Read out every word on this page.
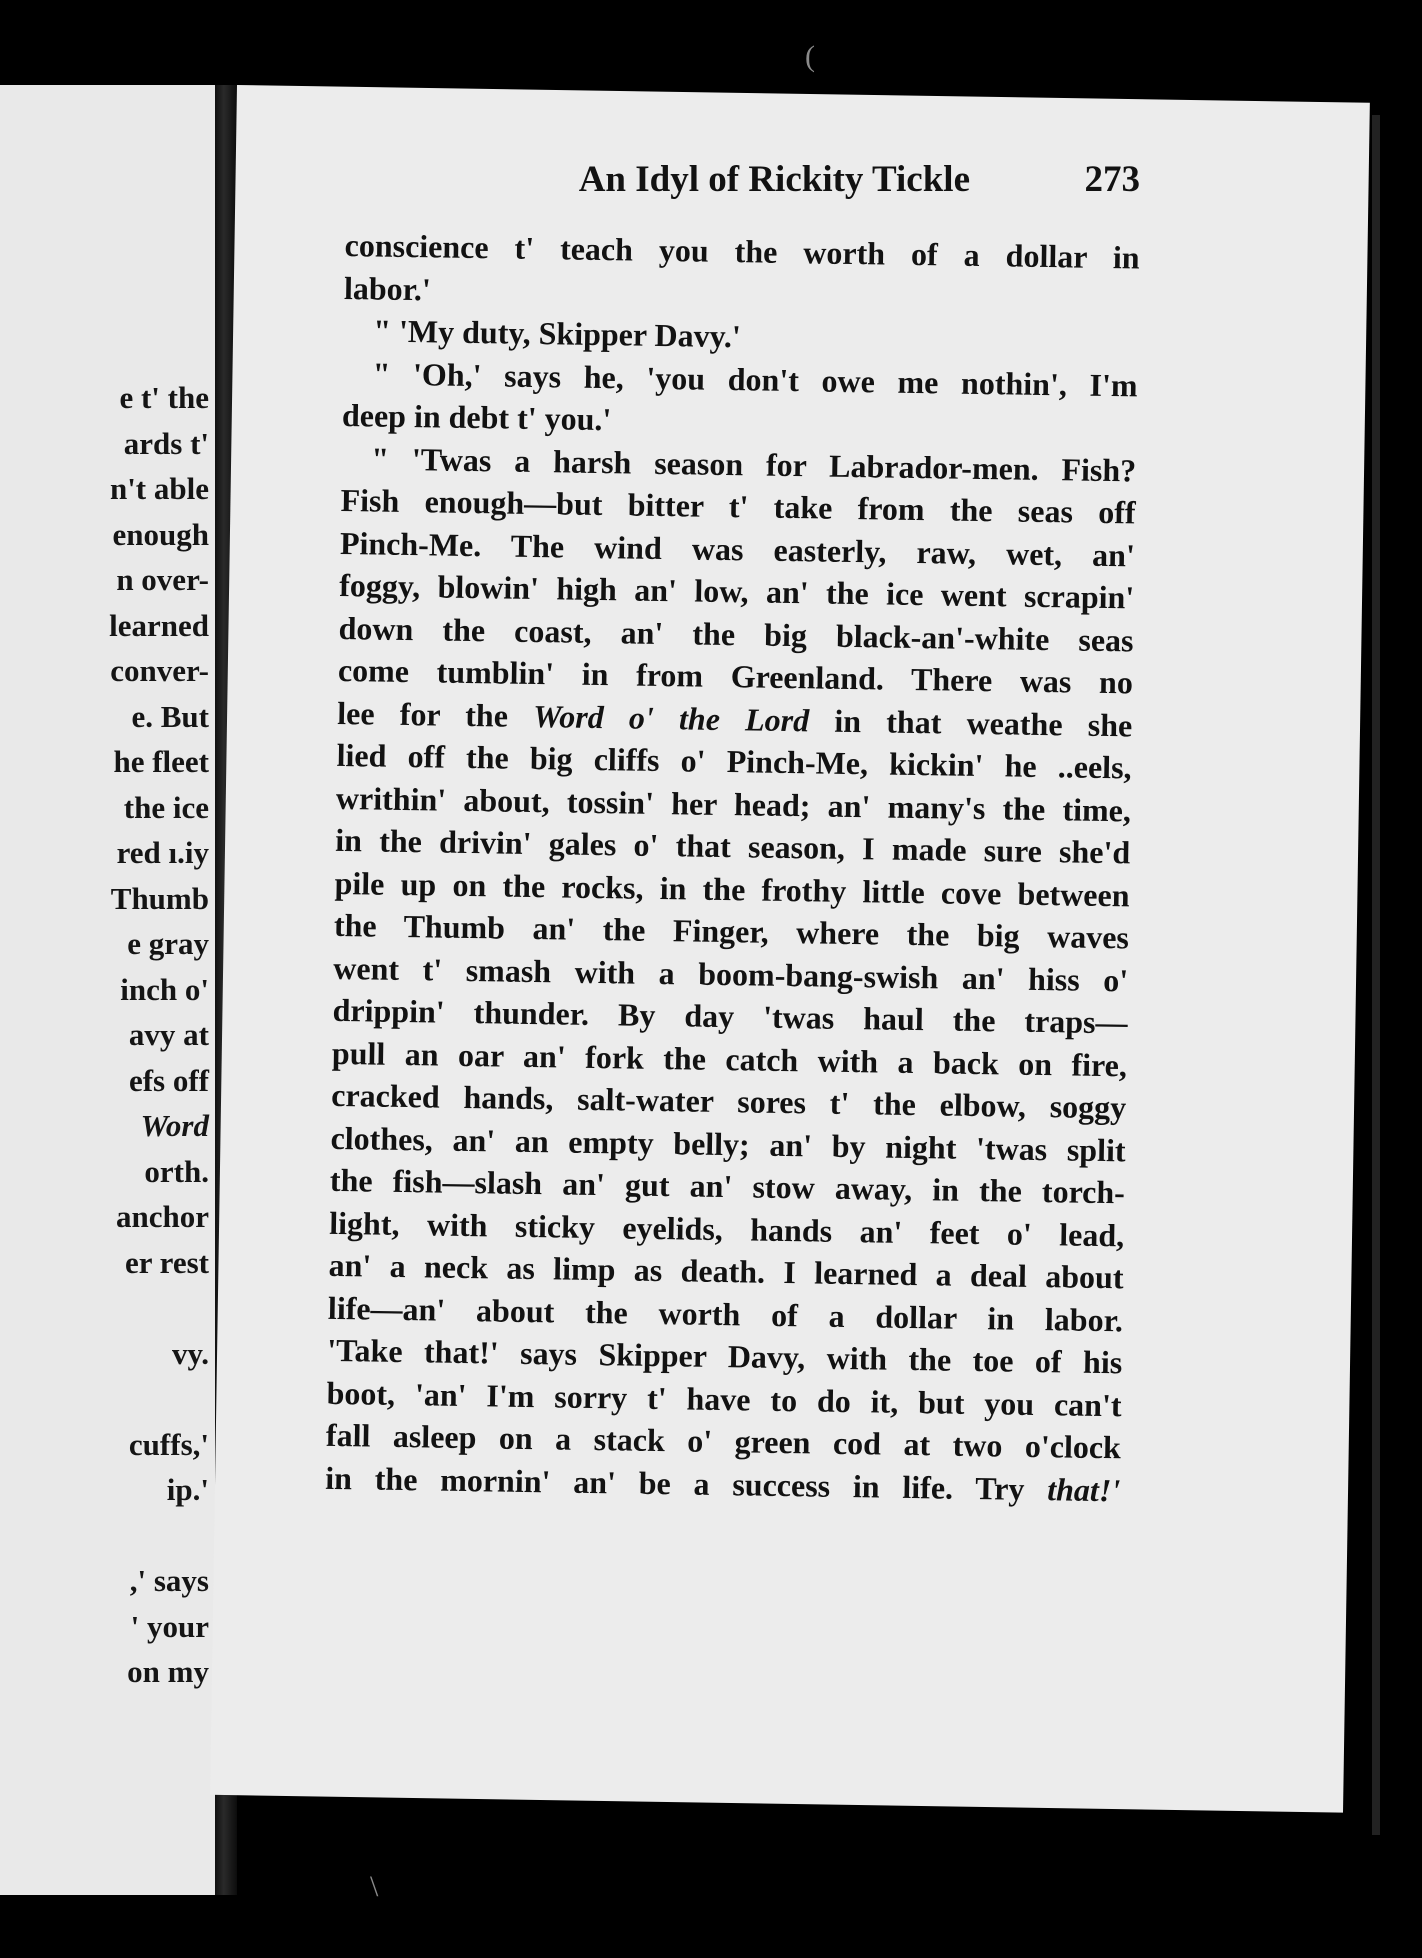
e t' the
ards t'
n't able
enough
n over-
learned
conver-
e. But
he fleet
the ice
red ı.iy
Thumb
e gray
inch o'
avy at
efs off
Word
orth.
anchor
er rest
vy.
cuffs,'
ip.'
,' says
' your
on my
(
\
An Idyl of Rickity Tickle	273
conscience t' teach you the worth of a dollar in
labor.'
" 'My duty, Skipper Davy.'
" 'Oh,' says he, 'you don't owe me nothin', I'm
deep in debt t' you.'
" 'Twas a harsh season for Labrador-men. Fish?
Fish enough—but bitter t' take from the seas off
Pinch-Me. The wind was easterly, raw, wet, an'
foggy, blowin' high an' low, an' the ice went scrapin'
down the coast, an' the big black-an'-white seas
come tumblin' in from Greenland. There was no
lee for the Word o' the Lord in that weathe she
lied off the big cliffs o' Pinch-Me, kickin' he ..eels,
writhin' about, tossin' her head; an' many's the time,
in the drivin' gales o' that season, I made sure she'd
pile up on the rocks, in the frothy little cove between
the Thumb an' the Finger, where the big waves
went t' smash with a boom-bang-swish an' hiss o'
drippin' thunder. By day 'twas haul the traps—
pull an oar an' fork the catch with a back on fire,
cracked hands, salt-water sores t' the elbow, soggy
clothes, an' an empty belly; an' by night 'twas split
the fish—slash an' gut an' stow away, in the torch-
light, with sticky eyelids, hands an' feet o' lead,
an' a neck as limp as death. I learned a deal about
life—an' about the worth of a dollar in labor.
'Take that!' says Skipper Davy, with the toe of his
boot, 'an' I'm sorry t' have to do it, but you can't
fall asleep on a stack o' green cod at two o'clock
in the mornin' an' be a success in life. Try that!'
